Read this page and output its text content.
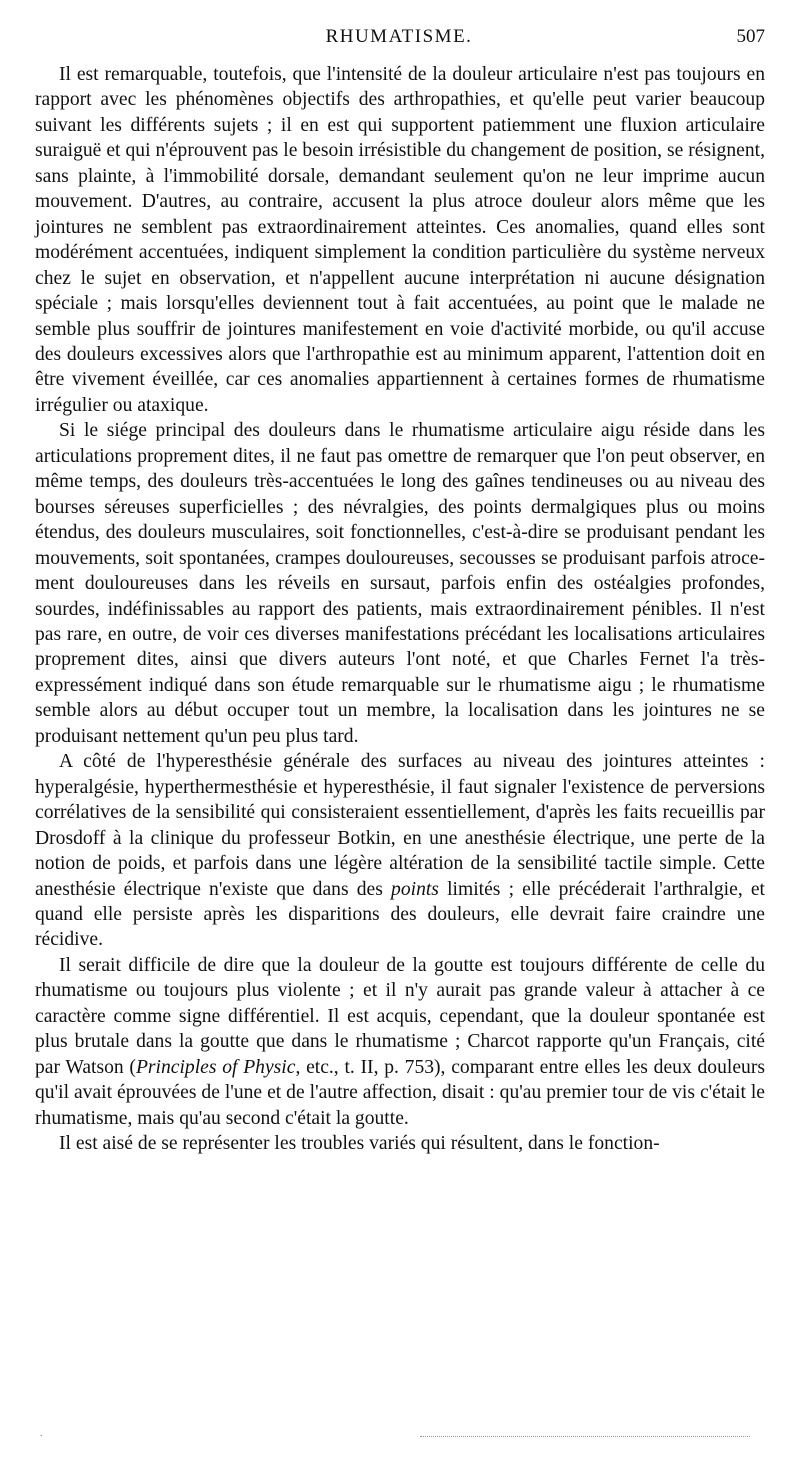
RHUMATISME.	507

Il est remarquable, toutefois, que l'intensité de la douleur articulaire n'est pas toujours en rapport avec les phénomènes objectifs des arthropathies, et qu'elle peut varier beaucoup suivant les différents sujets ; il en est qui supportent patiemment une fluxion articulaire suraiguë et qui n'éprouvent pas le besoin irrésistible du changement de position, se résignent, sans plainte, à l'immobilité dorsale, demandant seulement qu'on ne leur imprime aucun mouvement. D'autres, au contraire, accusent la plus atroce douleur alors même que les jointures ne semblent pas extraordinairement atteintes. Ces anomalies, quand elles sont modérément accentuées, indiquent simplement la condition particulière du système nerveux chez le sujet en observation, et n'appellent aucune interprétation ni aucune désignation spéciale ; mais lorsqu'elles deviennent tout à fait accentuées, au point que le malade ne semble plus souffrir de jointures manifestement en voie d'activité morbide, ou qu'il accuse des douleurs excessives alors que l'arthropathie est au minimum apparent, l'attention doit en être vivement éveillée, car ces anomalies appartiennent à certaines formes de rhumatisme irrégulier ou ataxique.

Si le siége principal des douleurs dans le rhumatisme articulaire aigu réside dans les articulations proprement dites, il ne faut pas omettre de remarquer que l'on peut observer, en même temps, des douleurs très-accentuées le long des gaînes tendineuses ou au niveau des bourses séreuses superficielles ; des névralgies, des points dermalgiques plus ou moins étendus, des douleurs musculaires, soit fonctionnelles, c'est-à-dire se produisant pendant les mouvements, soit spontanées, crampes douloureuses, secousses se produisant parfois atrocement douloureuses dans les réveils en sursaut, parfois enfin des ostéalgies profondes, sourdes, indéfinissables au rapport des patients, mais extraordinairement pénibles. Il n'est pas rare, en outre, de voir ces diverses manifestations précédant les localisations articulaires proprement dites, ainsi que divers auteurs l'ont noté, et que Charles Fernet l'a très-expressément indiqué dans son étude remarquable sur le rhumatisme aigu ; le rhumatisme semble alors au début occuper tout un membre, la localisation dans les jointures ne se produisant nettement qu'un peu plus tard.

A côté de l'hyperesthésie générale des surfaces au niveau des jointures atteintes : hyperalgésie, hyperthermesthésie et hyperesthésie, il faut signaler l'existence de perversions corrélatives de la sensibilité qui consisteraient essentiellement, d'après les faits recueillis par Drosdoff à la clinique du professeur Botkin, en une anesthésie électrique, une perte de la notion de poids, et parfois dans une légère altération de la sensibilité tactile simple. Cette anesthésie électrique n'existe que dans des points limités ; elle précéderait l'arthralgie, et quand elle persiste après les disparitions des douleurs, elle devrait faire craindre une récidive.

Il serait difficile de dire que la douleur de la goutte est toujours différente de celle du rhumatisme ou toujours plus violente ; et il n'y aurait pas grande valeur à attacher à ce caractère comme signe différentiel. Il est acquis, cependant, que la douleur spontanée est plus brutale dans la goutte que dans le rhumatisme ; Charcot rapporte qu'un Français, cité par Watson (Principles of Physic, etc., t. II, p. 753), comparant entre elles les deux douleurs qu'il avait éprouvées de l'une et de l'autre affection, disait : qu'au premier tour de vis c'était le rhumatisme, mais qu'au second c'était la goutte.

Il est aisé de se représenter les troubles variés qui résultent, dans le fonction-

.
